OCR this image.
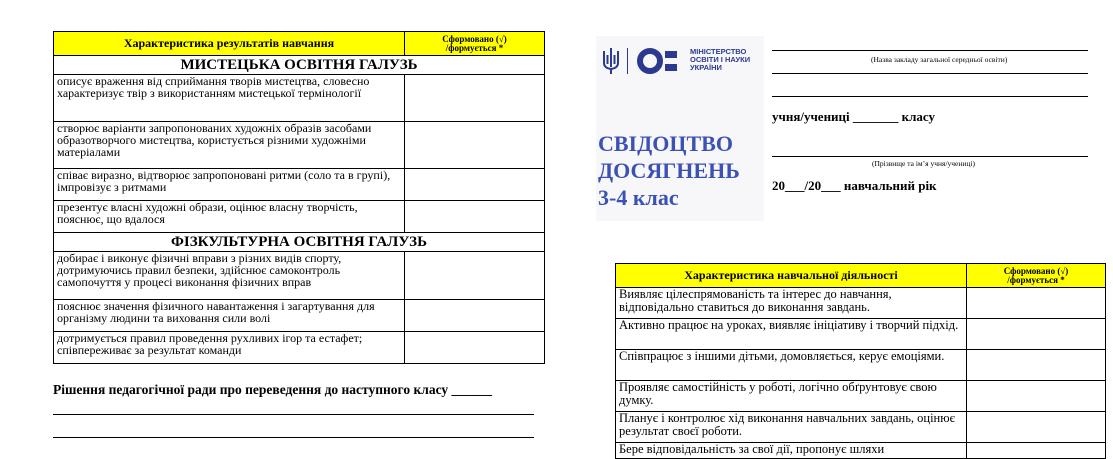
Характеристика результатів навчання	Сформовано (√)
/формується *
МИСТЕЦЬКА ОСВІТНЯ ГАЛУЗЬ	
описує враження від сприймання творів мистецтва, словесно характеризує твір з використанням мистецької термінології	
створює варіанти запропонованих художніх образів засобами образотворчого мистецтва, користується різними художніми матеріалами	
співає виразно, відтворює запропоновані ритми (соло та в групі), імпровізує з ритмами	
презентує власні художні образи, оцінює власну творчість, пояснює, що вдалося	
ФІЗКУЛЬТУРНА ОСВІТНЯ ГАЛУЗЬ	
добирає і виконує фізичні вправи з різних видів спорту, дотримуючись правил безпеки, здійснює самоконтроль самопочуття у процесі виконання фізичних вправ	
пояснює значення фізичного навантаження і загартування для організму людини та виховання сили волі	
дотримується правил проведення рухливих ігор та естафет; співпереживає за результат команди	
Рішення педагогічної ради про переведення до наступного класу ______
МІНІСТЕРСТВО ОСВІТИ І НАУКИ УКРАЇНИ
СВІДОЦТВО
ДОСЯГНЕНЬ
3-4 клас
(Назва закладу загальної середньої освіти)
учня/учениці _______ класу
(Прізвище та ім’я учня/учениці)
20___/20___ навчальний рік
Характеристика навчальної діяльності	Сформовано (√)
/формується *
Виявляє цілеспрямованість та інтерес до навчання, відповідально ставиться до виконання завдань.	
Активно працює на уроках, виявляє ініціативу і творчий підхід.	
Співпрацює з іншими дітьми, домовляється, керує емоціями.	
Проявляє самостійність у роботі, логічно обґрунтовує свою думку.	
Планує і контролює хід виконання навчальних завдань, оцінює результат своєї роботи.	
Бере відповідальність за свої дії, пропонує шляхи	
